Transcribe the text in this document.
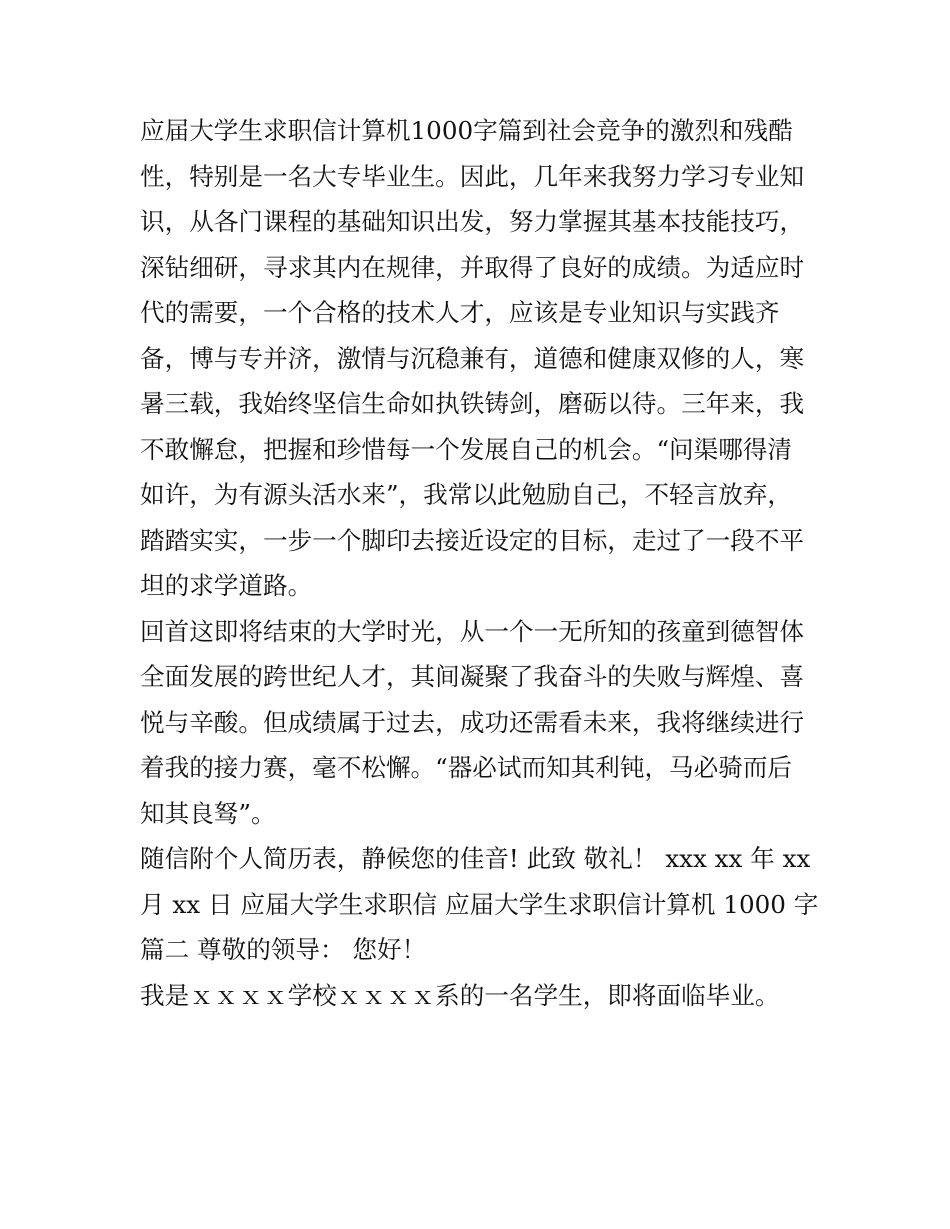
应届大学生求职信计算机1000字篇到社会竞争的激烈和残酷
性，特别是一名大专毕业生。因此，几年来我努力学习专业知
识，从各门课程的基础知识出发，努力掌握其基本技能技巧，
深钻细研，寻求其内在规律，并取得了良好的成绩。为适应时
代的需要，一个合格的技术人才，应该是专业知识与实践齐
备，博与专并济，激情与沉稳兼有，道德和健康双修的人，寒
暑三载，我始终坚信生命如执铁铸剑，磨砺以待。三年来，我
不敢懈怠，把握和珍惜每一个发展自己的机会。“问渠哪得清
如许，为有源头活水来”，我常以此勉励自己，不轻言放弃，
踏踏实实，一步一个脚印去接近设定的目标，走过了一段不平
坦的求学道路。
回首这即将结束的大学时光，从一个一无所知的孩童到德智体
全面发展的跨世纪人才，其间凝聚了我奋斗的失败与辉煌、喜
悦与辛酸。但成绩属于过去，成功还需看未来，我将继续进行
着我的接力赛，毫不松懈。“器必试而知其利钝，马必骑而后
知其良驽”。
随信附个人简历表，静候您的佳音! 此致 敬礼！ xxx xx 年 xx
月 xx 日 应届大学生求职信 应届大学生求职信计算机 1000 字
篇二 尊敬的领导： 您好！
我是ｘｘｘｘ学校ｘｘｘｘ系的一名学生，即将面临毕业。
